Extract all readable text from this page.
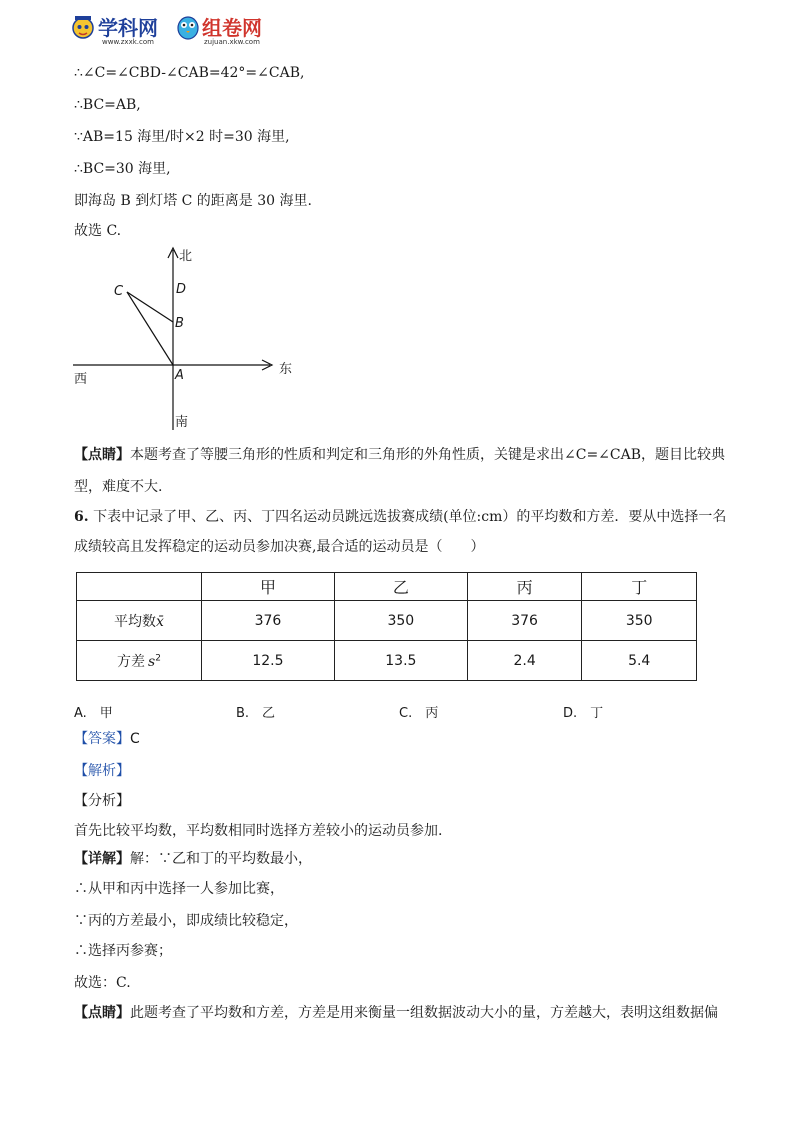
学科网
www.zxxk.com
组卷网
zujuan.xkw.com
∴∠C=∠CBD-∠CAB=42°=∠CAB,
∴BC=AB,
∵AB=15 海里/时×2 时=30 海里,
∴BC=30 海里,
即海岛 B 到灯塔 C 的距离是 30 海里.
故选 C.
北
东
西
南
C	D
B
A
【点睛】本题考查了等腰三角形的性质和判定和三角形的外角性质，关键是求出∠C=∠CAB，题目比较典
型，难度不大.
6. 下表中记录了甲、乙、丙、丁四名运动员跳远选拔赛成绩(单位:cm）的平均数和方差．要从中选择一名
成绩较高且发挥稳定的运动员参加决赛,最合适的运动员是（　　）
	甲	乙	丙	丁
平均数x̄	376	350	376	350
方差 $s^2$	12.5	13.5	2.4	5.4
A.　甲	B.　乙	C.　丙	D.　丁
【答案】C
【解析】
【分析】
首先比较平均数，平均数相同时选择方差较小的运动员参加.
【详解】解：∵乙和丁的平均数最小，
∴从甲和丙中选择一人参加比赛，
∵丙的方差最小，即成绩比较稳定，
∴选择丙参赛；
故选：C.
【点睛】此题考查了平均数和方差，方差是用来衡量一组数据波动大小的量，方差越大，表明这组数据偏
